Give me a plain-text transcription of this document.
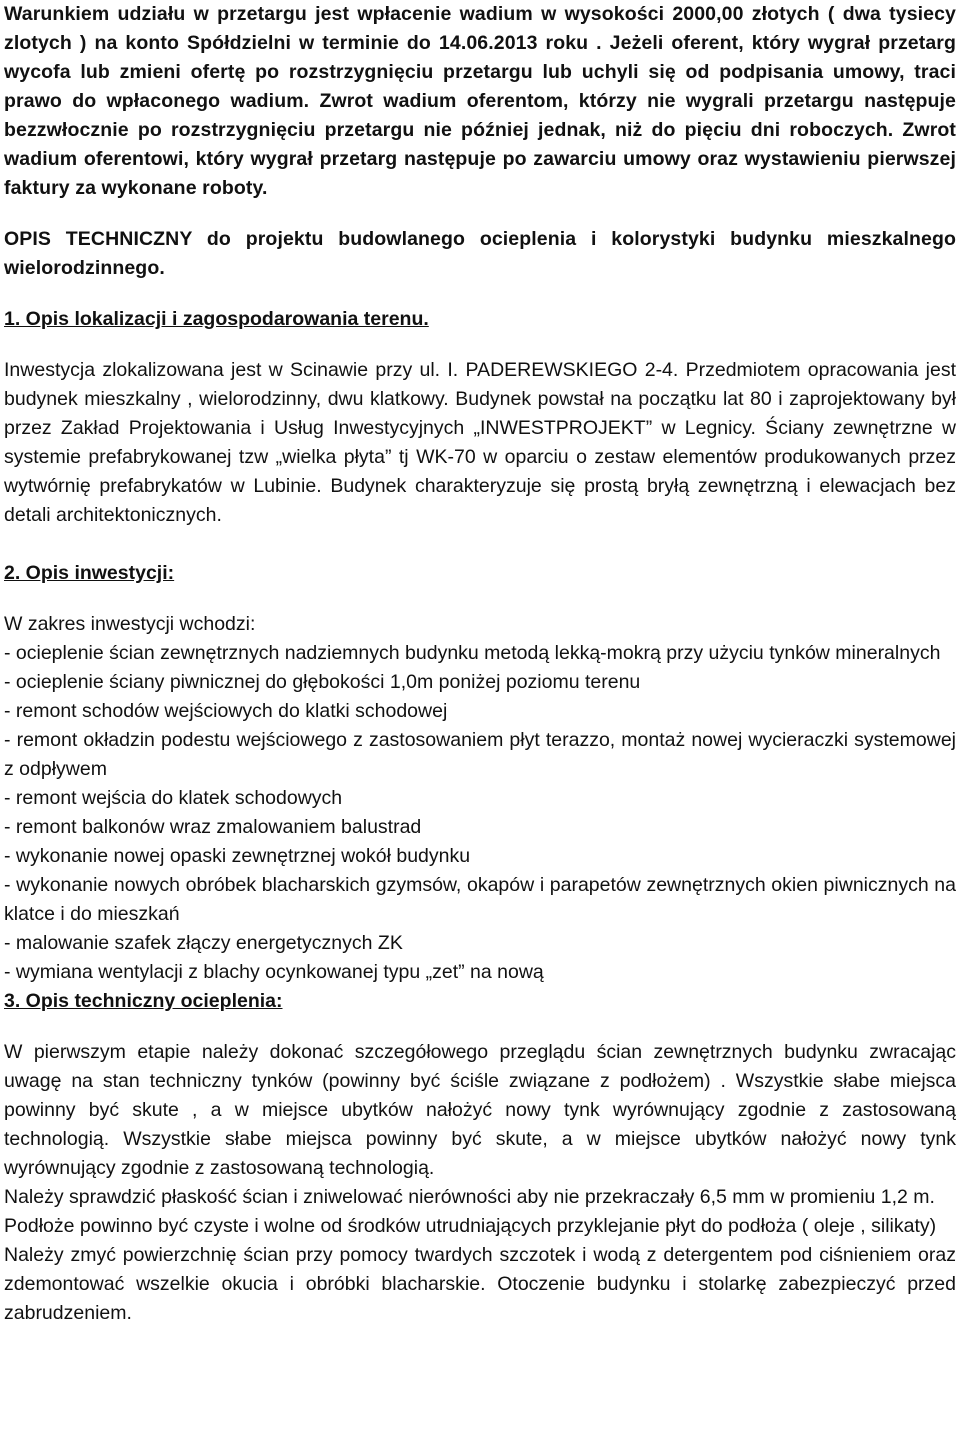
Warunkiem udziału w przetargu jest wpłacenie wadium w wysokości 2000,00 złotych ( dwa tysiecy zlotych ) na konto Spółdzielni w terminie do 14.06.2013 roku . Jeżeli oferent, który wygrał przetarg wycofa lub zmieni ofertę po rozstrzygnięciu przetargu lub uchyli się od podpisania umowy, traci prawo do wpłaconego wadium. Zwrot wadium oferentom, którzy nie wygrali przetargu następuje bezzwłocznie po rozstrzygnięciu przetargu nie później jednak, niż do pięciu dni roboczych. Zwrot wadium oferentowi, który wygrał przetarg następuje po zawarciu umowy oraz wystawieniu pierwszej faktury za wykonane roboty.

OPIS TECHNICZNY do projektu budowlanego ocieplenia i kolorystyki budynku mieszkalnego wielorodzinnego.

1. Opis lokalizacji i zagospodarowania terenu.

Inwestycja zlokalizowana jest w Scinawie przy ul. I. PADEREWSKIEGO 2-4. Przedmiotem opracowania jest budynek mieszkalny , wielorodzinny, dwu klatkowy. Budynek powstał na początku lat 80 i zaprojektowany był przez Zakład Projektowania i Usług Inwestycyjnych „INWESTPROJEKT” w Legnicy. Ściany zewnętrzne w systemie prefabrykowanej tzw „wielka płyta” tj WK-70 w oparciu o zestaw elementów produkowanych przez wytwórnię prefabrykatów w Lubinie. Budynek charakteryzuje się prostą bryłą zewnętrzną i elewacjach bez detali architektonicznych.

2. Opis inwestycji:

W zakres inwestycji wchodzi:

- ocieplenie ścian zewnętrznych nadziemnych budynku metodą lekką-mokrą przy użyciu tynków mineralnych

- ocieplenie ściany piwnicznej do głębokości 1,0m poniżej poziomu terenu

- remont schodów wejściowych do klatki schodowej

- remont okładzin podestu wejściowego z zastosowaniem płyt terazzo, montaż nowej wycieraczki systemowej z odpływem

- remont wejścia do klatek schodowych

- remont balkonów wraz zmalowaniem balustrad

- wykonanie nowej opaski zewnętrznej wokół budynku

- wykonanie nowych obróbek blacharskich gzymsów, okapów i parapetów zewnętrznych okien piwnicznych na klatce i do mieszkań

- malowanie szafek złączy energetycznych ZK

- wymiana wentylacji z blachy ocynkowanej typu „zet” na nową

3. Opis techniczny ocieplenia:

W pierwszym etapie należy dokonać szczegółowego przeglądu ścian zewnętrznych budynku zwracając uwagę na stan techniczny tynków (powinny być ściśle związane z podłożem) . Wszystkie słabe miejsca powinny być skute , a w miejsce ubytków nałożyć nowy tynk wyrównujący zgodnie z zastosowaną technologią. Wszystkie słabe miejsca powinny być skute, a w miejsce ubytków nałożyć nowy tynk wyrównujący zgodnie z zastosowaną technologią.

Należy sprawdzić płaskość ścian i zniwelować nierówności aby nie przekraczały 6,5 mm w promieniu 1,2 m.

Podłoże powinno być czyste i wolne od środków utrudniających przyklejanie płyt do podłoża ( oleje , silikaty)

Należy zmyć powierzchnię ścian przy pomocy twardych szczotek i wodą z detergentem pod ciśnieniem oraz zdemontować wszelkie okucia i obróbki blacharskie. Otoczenie budynku i stolarkę zabezpieczyć przed zabrudzeniem.
